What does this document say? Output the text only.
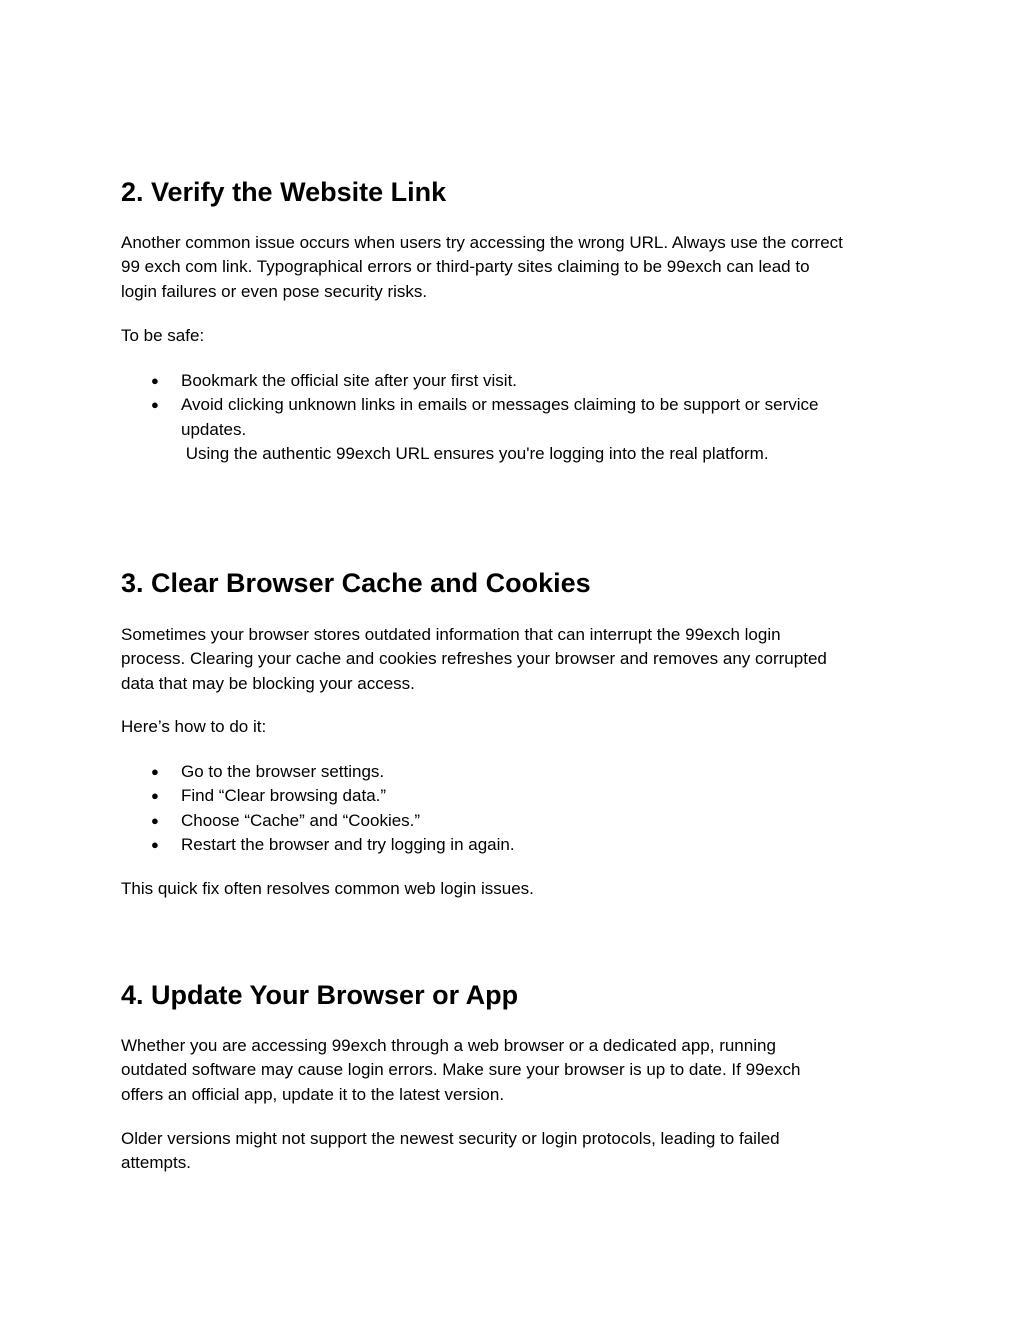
2. Verify the Website Link

Another common issue occurs when users try accessing the wrong URL. Always use the correct

99 exch com link. Typographical errors or third-party sites claiming to be 99exch can lead to

login failures or even pose security risks.

To be safe:

● Bookmark the official site after your first visit.
● Avoid clicking unknown links in emails or messages claiming to be support or service
updates.
Using the authentic 99exch URL ensures you're logging into the real platform.
3. Clear Browser Cache and Cookies

Sometimes your browser stores outdated information that can interrupt the 99exch login

process. Clearing your cache and cookies refreshes your browser and removes any corrupted

data that may be blocking your access.

Here’s how to do it:

● Go to the browser settings.
● Find “Clear browsing data.”
● Choose “Cache” and “Cookies.”
● Restart the browser and try logging in again.

This quick fix often resolves common web login issues.

4. Update Your Browser or App

Whether you are accessing 99exch through a web browser or a dedicated app, running

outdated software may cause login errors. Make sure your browser is up to date. If 99exch

offers an official app, update it to the latest version.

Older versions might not support the newest security or login protocols, leading to failed

attempts.
